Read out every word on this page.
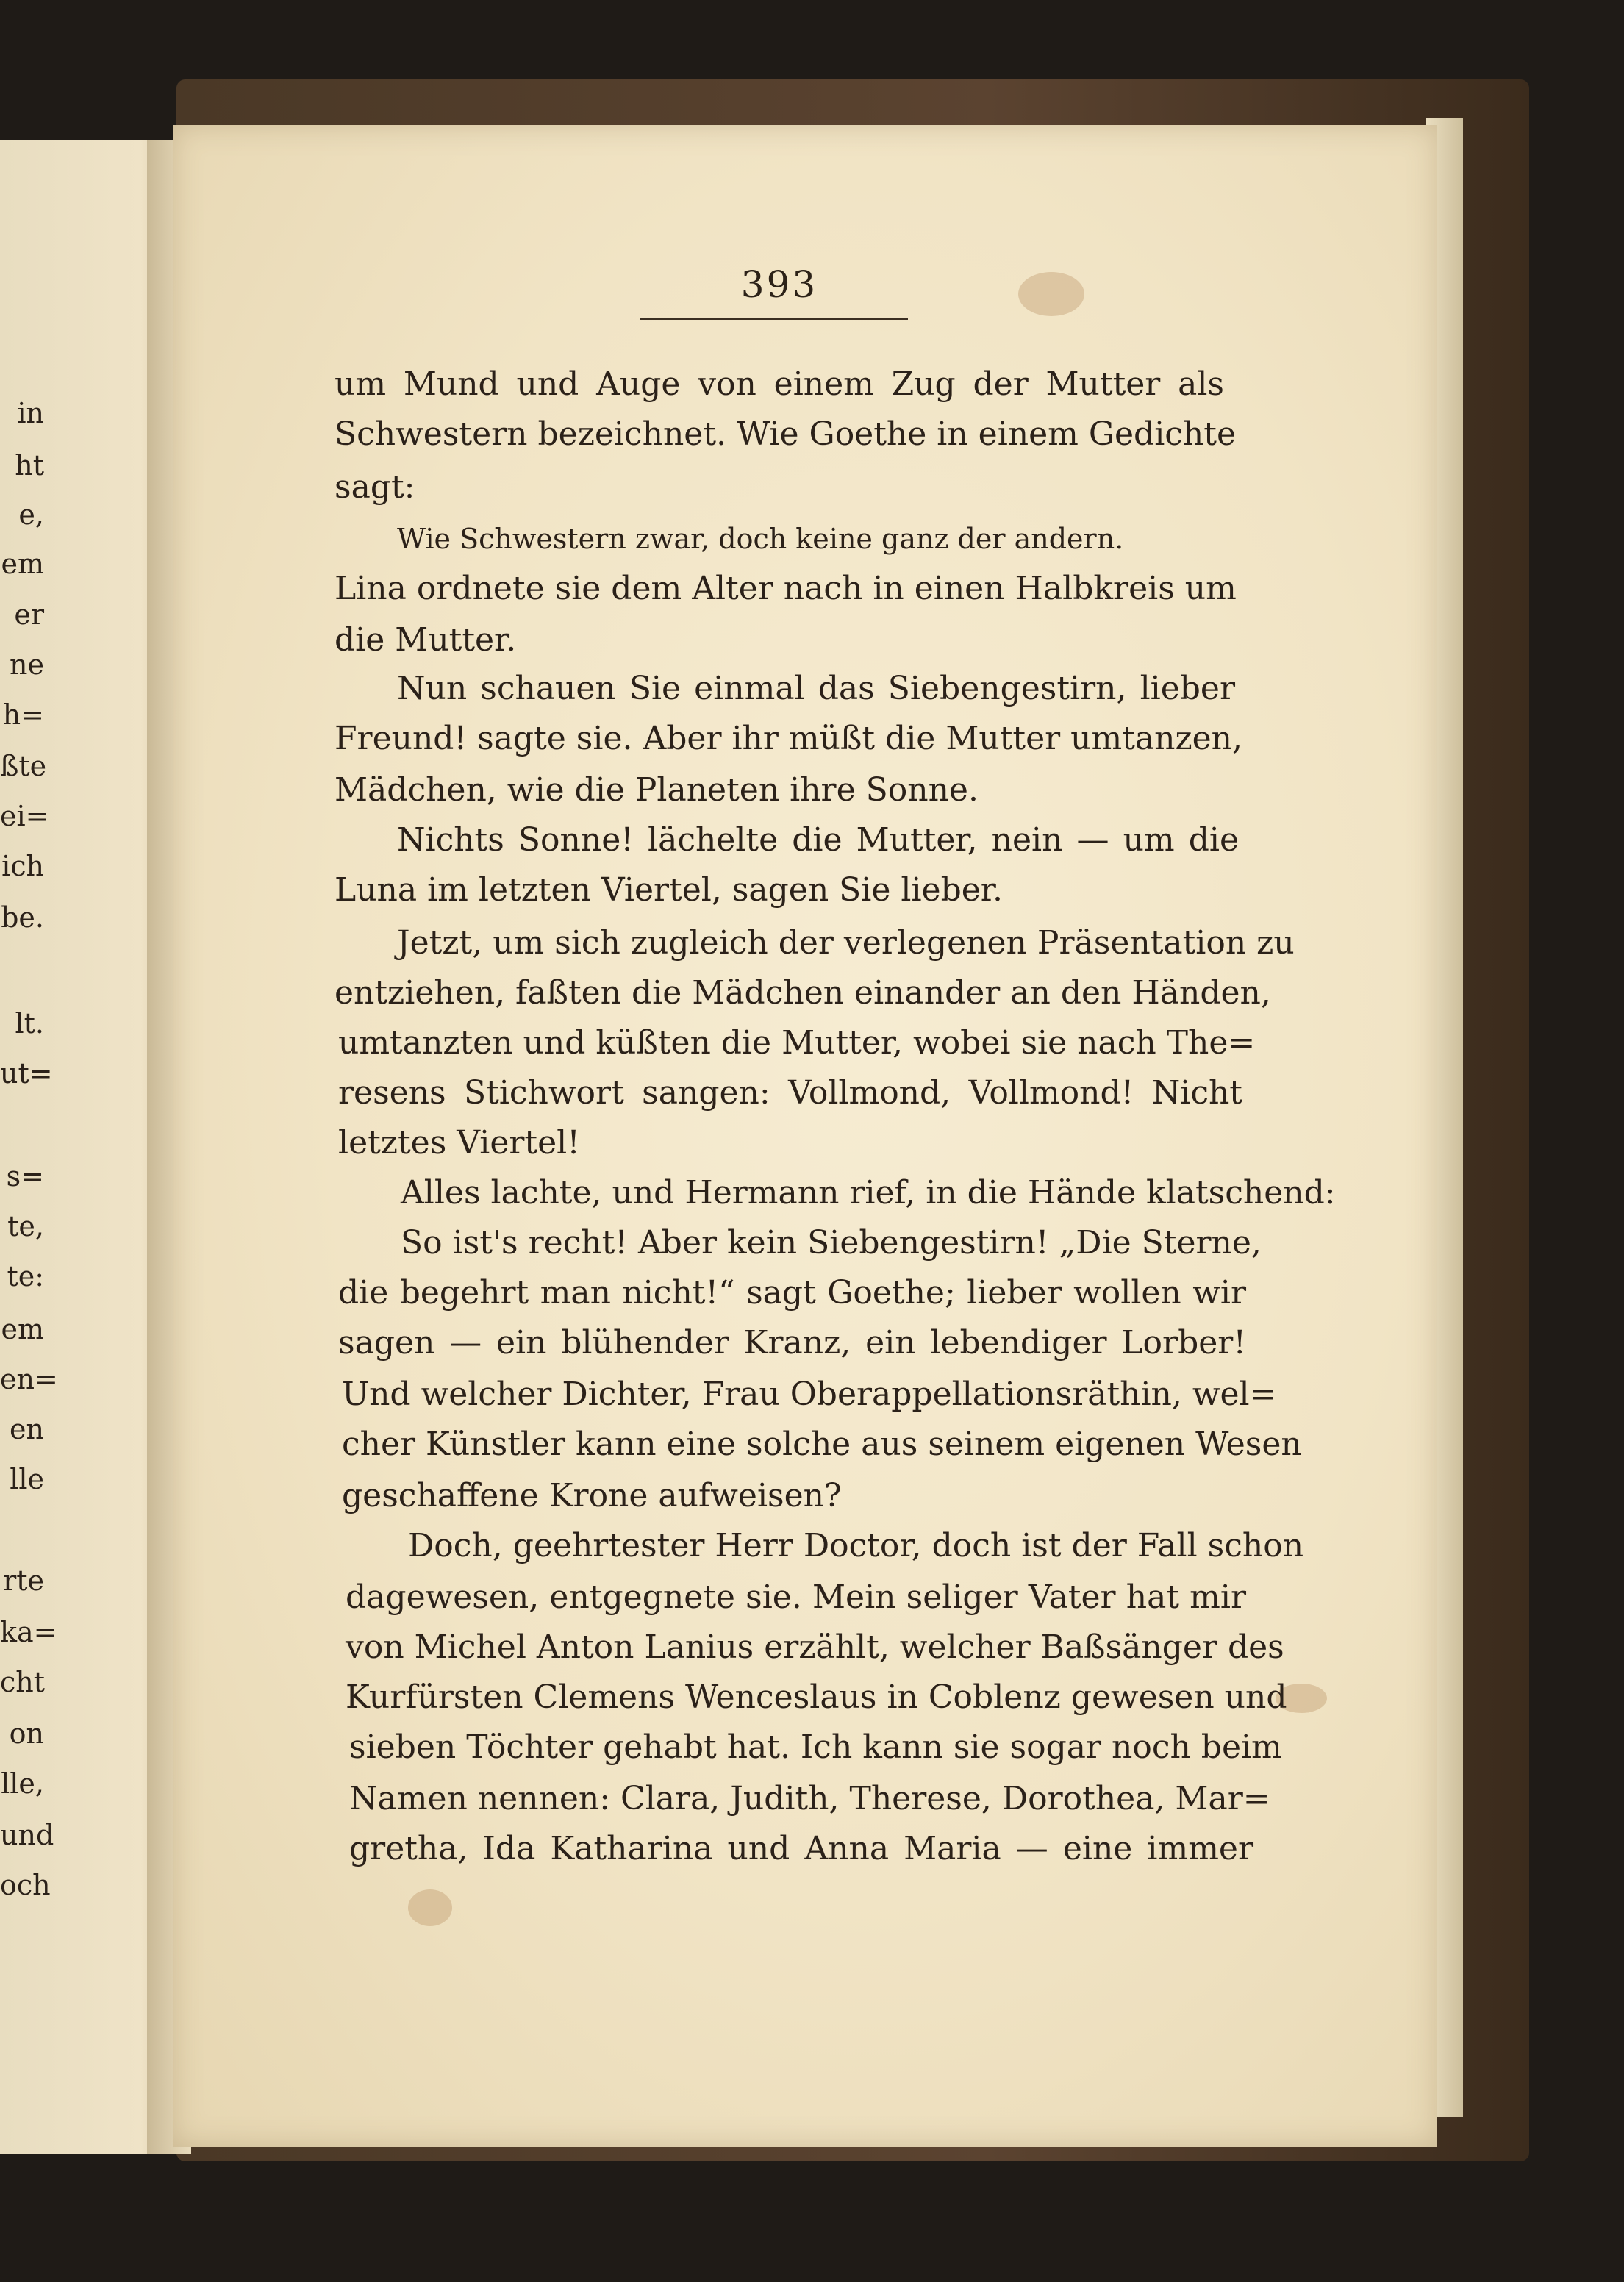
in
ht
e,
em
er
ne
h=
ßte
ei=
ich
be.
lt.
ut=
s=
te,
te:
em
en=
en
lle
rte
ka=
cht
on
lle,
und
och
393
um Mund und Auge von einem Zug der Mutter als
Schwestern bezeichnet. Wie Goethe in einem Gedichte
sagt:
Wie Schwestern zwar, doch keine ganz der andern.
Lina ordnete sie dem Alter nach in einen Halbkreis um
die Mutter.
Nun schauen Sie einmal das Siebengestirn, lieber
Freund! sagte sie. Aber ihr müßt die Mutter umtanzen,
Mädchen, wie die Planeten ihre Sonne.
Nichts Sonne! lächelte die Mutter, nein — um die
Luna im letzten Viertel, sagen Sie lieber.
Jetzt, um sich zugleich der verlegenen Präsentation zu
entziehen, faßten die Mädchen einander an den Händen,
umtanzten und küßten die Mutter, wobei sie nach The=
resens Stichwort sangen: Vollmond, Vollmond! Nicht
letztes Viertel!
Alles lachte, und Hermann rief, in die Hände klatschend:
So ist's recht! Aber kein Siebengestirn! „Die Sterne,
die begehrt man nicht!“ sagt Goethe; lieber wollen wir
sagen — ein blühender Kranz, ein lebendiger Lorber!
Und welcher Dichter, Frau Oberappellationsräthin, wel=
cher Künstler kann eine solche aus seinem eigenen Wesen
geschaffene Krone aufweisen?
Doch, geehrtester Herr Doctor, doch ist der Fall schon
dagewesen, entgegnete sie. Mein seliger Vater hat mir
von Michel Anton Lanius erzählt, welcher Baßsänger des
Kurfürsten Clemens Wenceslaus in Coblenz gewesen und
sieben Töchter gehabt hat. Ich kann sie sogar noch beim
Namen nennen: Clara, Judith, Therese, Dorothea, Mar=
gretha, Ida Katharina und Anna Maria — eine immer
